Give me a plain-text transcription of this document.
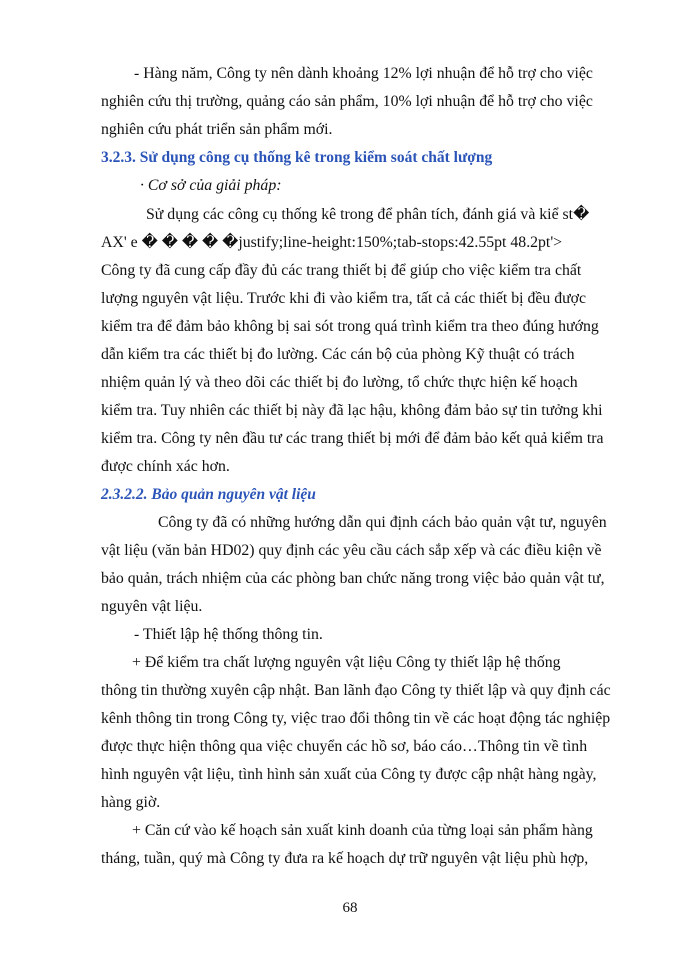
- Hàng năm, Công ty nên dành khoảng 12% lợi nhuận để hỗ trợ cho việc
nghiên cứu thị trường, quảng cáo sản phẩm, 10% lợi nhuận để hỗ trợ cho việc
nghiên cứu phát triển sản phẩm mới.
3.2.3. Sử dụng công cụ thống kê trong kiểm soát chất lượng
· Cơ sở của giải pháp:
Sử dụng các công cụ thống kê trong để phân tích, đánh giá và kiể st�
AX' e � � � � �justify;line-height:150%;tab-stops:42.55pt 48.2pt'>
Công ty đã cung cấp đầy đủ các trang thiết bị để giúp cho việc kiểm tra chất
lượng nguyên vật liệu. Trước khi đi vào kiểm tra, tất cả các thiết bị đều được
kiểm tra để đảm bảo không bị sai sót trong quá trình kiểm tra theo đúng hướng
dẫn kiểm tra các thiết bị đo lường. Các cán bộ của phòng Kỹ thuật có trách
nhiệm quản lý và theo dõi các thiết bị đo lường, tổ chức thực hiện kế hoạch
kiểm tra. Tuy nhiên các thiết bị này đã lạc hậu, không đảm bảo sự tin tưởng khi
kiểm tra. Công ty nên đầu tư các trang thiết bị mới để đảm bảo kết quả kiểm tra
được chính xác hơn.
2.3.2.2. Bảo quản nguyên vật liệu
Công ty đã có những hướng dẫn qui định cách bảo quản vật tư, nguyên
vật liệu (văn bản HD02) quy định các yêu cầu cách sắp xếp và các điều kiện về
bảo quản, trách nhiệm của các phòng ban chức năng trong việc bảo quản vật tư,
nguyên vật liệu.
- Thiết lập hệ thống thông tin.
+ Để kiểm tra chất lượng nguyên vật liệu Công ty thiết lập hệ thống
thông tin thường xuyên cập nhật. Ban lãnh đạo Công ty thiết lập và quy định các
kênh thông tin trong Công ty, việc trao đổi thông tin về các hoạt động tác nghiệp
được thực hiện thông qua việc chuyển các hồ sơ, báo cáo…Thông tin về tình
hình nguyên vật liệu, tình hình sản xuất của Công ty được cập nhật hàng ngày,
hàng giờ.
+ Căn cứ vào kế hoạch sản xuất kinh doanh của từng loại sản phẩm hàng
tháng, tuần, quý mà Công ty đưa ra kế hoạch dự trữ nguyên vật liệu phù hợp,
68
